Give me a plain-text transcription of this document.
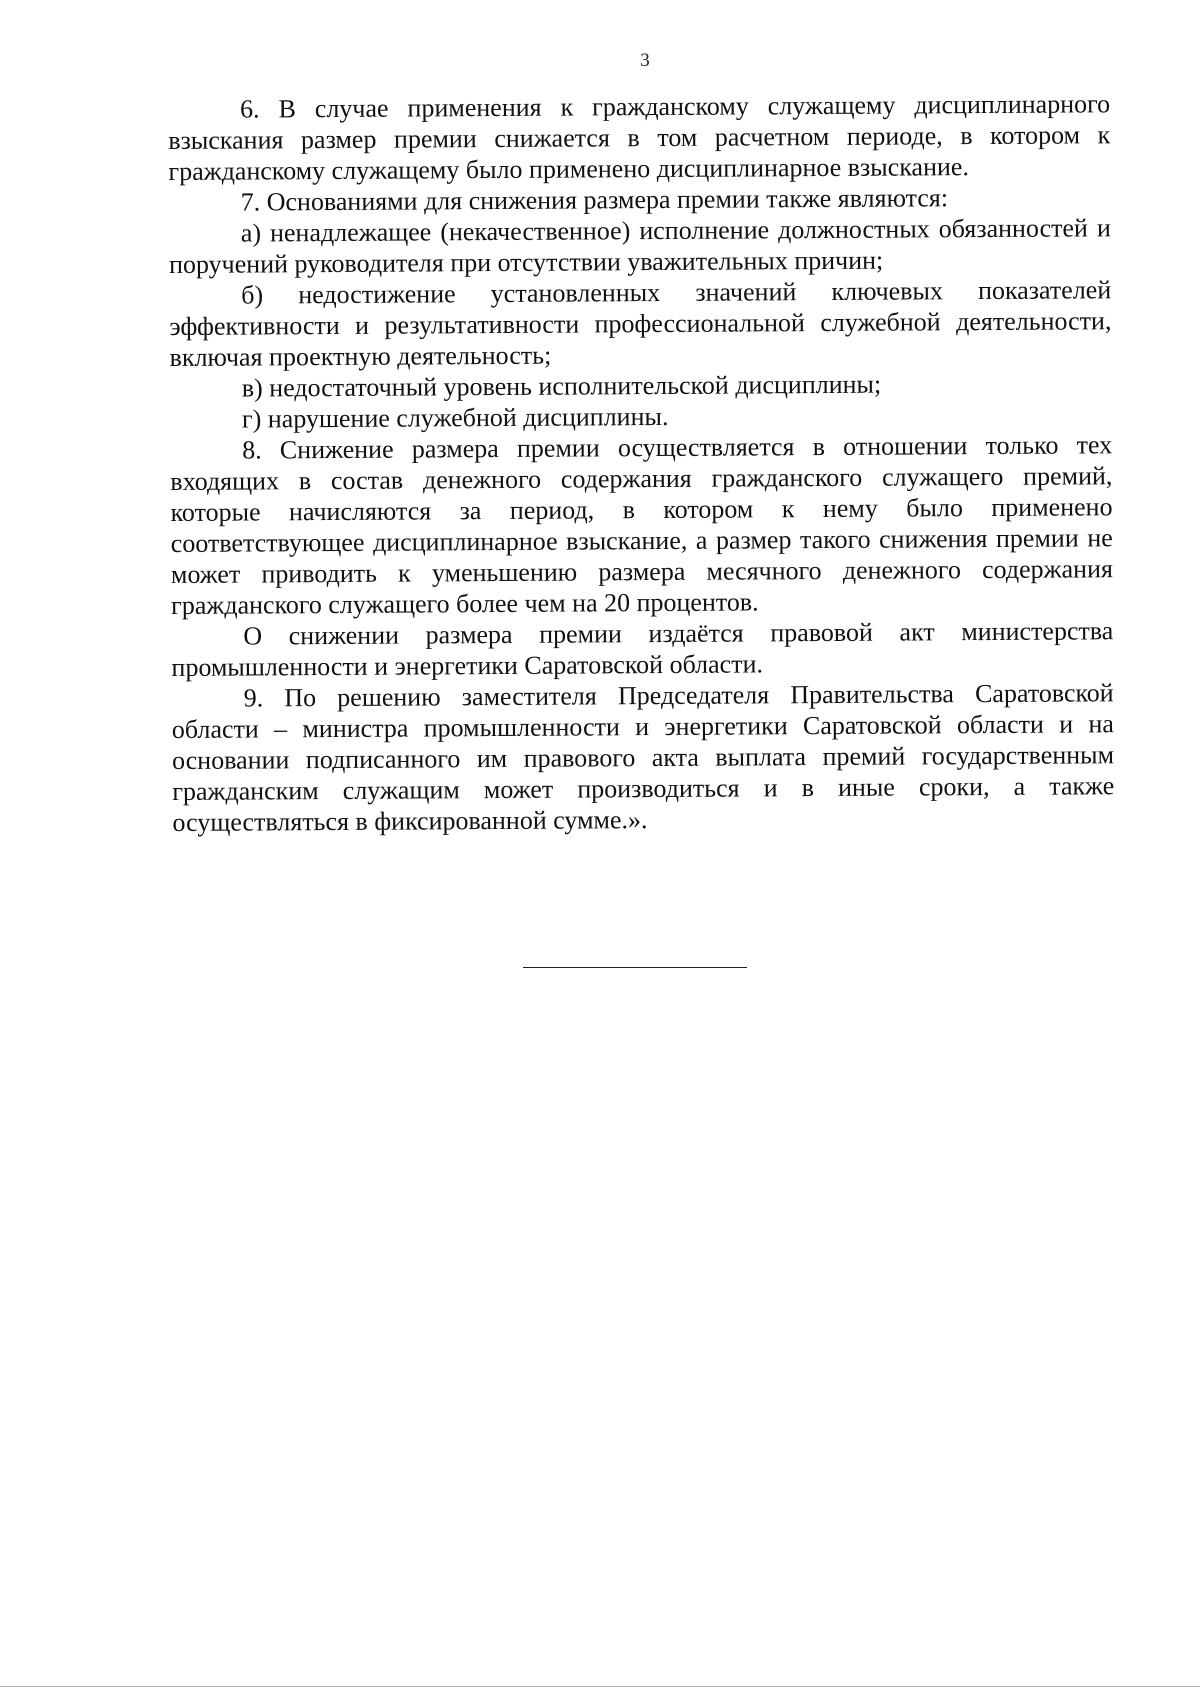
3

6. В случае применения к гражданскому служащему дисциплинарного взыскания размер премии снижается в том расчетном периоде, в котором к гражданскому служащему было применено дисциплинарное взыскание.

7. Основаниями для снижения размера премии также являются:

а) ненадлежащее (некачественное) исполнение должностных обязанностей и поручений руководителя при отсутствии уважительных причин;

б) недостижение установленных значений ключевых показателей эффективности и результативности профессиональной служебной деятельности, включая проектную деятельность;

в) недостаточный уровень исполнительской дисциплины;

г) нарушение служебной дисциплины.

8. Снижение размера премии осуществляется в отношении только тех входящих в состав денежного содержания гражданского служащего премий, которые начисляются за период, в котором к нему было применено соответствующее дисциплинарное взыскание, а размер такого снижения премии не может приводить к уменьшению размера месячного денежного содержания гражданского служащего более чем на 20 процентов.

О снижении размера премии издаётся правовой акт министерства промышленности и энергетики Саратовской области.

9. По решению заместителя Председателя Правительства Саратовской области – министра промышленности и энергетики Саратовской области и на основании подписанного им правового акта выплата премий государственным гражданским служащим может производиться и в иные сроки, а также осуществляться в фиксированной сумме.».
